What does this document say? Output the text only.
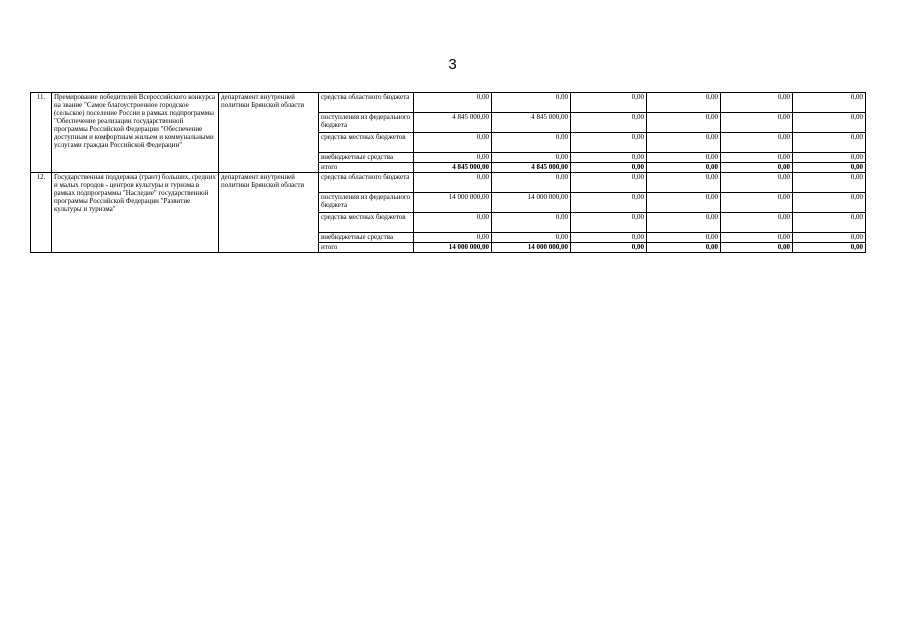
3
11.	Премирование победителей Всероссийского конкурса на звание "Самое благоустроенное городское (сельское) поселение России в рамках подпрограммы "Обеспечение реализации государственной программы Российской Федерации "Обеспечение доступным и комфортным жильем и коммунальными услугами граждан Российской Федерации"	департамент внутренней политики Брянской области	средства областного бюджета	0,00	0,00	0,00	0,00	0,00	0,00
			поступления из федерального бюджета	4 845 000,00	4 845 000,00	0,00	0,00	0,00	0,00
			средства местных бюджетов	0,00	0,00	0,00	0,00	0,00	0,00
			внебюджетные средства	0,00	0,00	0,00	0,00	0,00	0,00
			итого	4 845 000,00	4 845 000,00	0,00	0,00	0,00	0,00
12.	Государственная поддержка (грант) больших, средних и малых городов - центров культуры и туризма в рамках подпрограммы "Наследие" государственной программы Российской Федерации "Развитие культуры и туризма"	департамент внутренней политики Брянской области	средства областного бюджета	0,00	0,00	0,00	0,00	0,00	0,00
			поступления из федерального бюджета	14 000 000,00	14 000 000,00	0,00	0,00	0,00	0,00
			средства местных бюджетов	0,00	0,00	0,00	0,00	0,00	0,00
			внебюджетные средства	0,00	0,00	0,00	0,00	0,00	0,00
			итого	14 000 000,00	14 000 000,00	0,00	0,00	0,00	0,00
